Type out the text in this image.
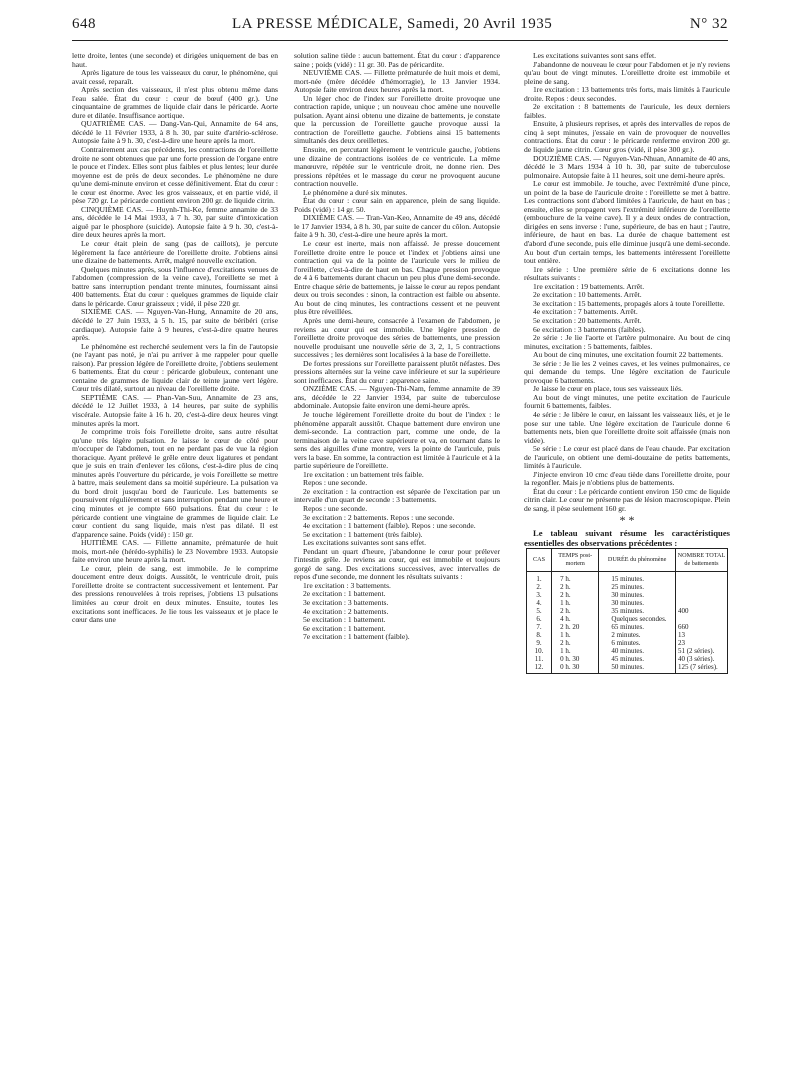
648	LA PRESSE MÉDICALE, Samedi, 20 Avril 1935	N° 32

lette droite, lentes (une seconde) et dirigées uniquement de bas en haut.

Après ligature de tous les vaisseaux du cœur, le phénomène, qui avait cessé, reparaît.

Après section des vaisseaux, il n'est plus obtenu même dans l'eau salée. État du cœur : cœur de bœuf (400 gr.). Une cinquantaine de grammes de liquide clair dans le péricarde. Aorte dure et dilatée. Insuffisance aortique.

QUATRIÈME CAS. — Dang-Van-Qui, Annamite de 64 ans, décédé le 11 Février 1933, à 8 h. 30, par suite d'artério-sclérose. Autopsie faite à 9 h. 30, c'est-à-dire une heure après la mort.

Contrairement aux cas précédents, les contractions de l'oreillette droite ne sont obtenues que par une forte pression de l'organe entre le pouce et l'index. Elles sont plus faibles et plus lentes; leur durée moyenne est de près de deux secondes. Le phénomène ne dure qu'une demi-minute environ et cesse définitivement. État du cœur : le cœur est énorme. Avec les gros vaisseaux, et en partie vidé, il pèse 720 gr. Le péricarde contient environ 200 gr. de liquide citrin.

CINQUIÈME CAS. — Huynh-Thi-Ke, femme annamite de 33 ans, décédée le 14 Mai 1933, à 7 h. 30, par suite d'intoxication aiguë par le phosphore (suicide). Autopsie faite à 9 h. 30, c'est-à-dire deux heures après la mort.

Le cœur était plein de sang (pas de caillots), je percute légèrement la face antérieure de l'oreillette droite. J'obtiens ainsi une dizaine de battements. Arrêt, malgré nouvelle excitation.

Quelques minutes après, sous l'influence d'excitations venues de l'abdomen (compression de la veine cave), l'oreillette se met à battre sans interruption pendant trente minutes, fournissant ainsi 400 battements. État du cœur : quelques grammes de liquide clair dans le péricarde. Cœur graisseux ; vidé, il pèse 220 gr.

SIXIÈME CAS. — Nguyen-Van-Hung, Annamite de 20 ans, décédé le 27 Juin 1933, à 5 h. 15, par suite de béribéri (crise cardiaque). Autopsie faite à 9 heures, c'est-à-dire quatre heures après.

Le phénomène est recherché seulement vers la fin de l'autopsie (ne l'ayant pas noté, je n'ai pu arriver à me rappeler pour quelle raison). Par pression légère de l'oreillette droite, j'obtiens seulement 6 battements. État du cœur : péricarde globuleux, contenant une centaine de grammes de liquide clair de teinte jaune vert légère. Cœur très dilaté, surtout au niveau de l'oreillette droite.

SEPTIÈME CAS. — Phan-Van-Suu, Annamite de 23 ans, décédé le 12 Juillet 1933, à 14 heures, par suite de syphilis viscérale. Autopsie faite à 16 h. 20, c'est-à-dire deux heures vingt minutes après la mort.

Je comprime trois fois l'oreillette droite, sans autre résultat qu'une très légère pulsation. Je laisse le cœur de côté pour m'occuper de l'abdomen, tout en ne perdant pas de vue la région thoracique. Ayant prélevé le grêle entre deux ligatures et pendant que je suis en train d'enlever les côlons, c'est-à-dire plus de cinq minutes après l'ouverture du péricarde, je vois l'oreillette se mettre à battre, mais seulement dans sa moitié supérieure. La pulsation va du bord droit jusqu'au bord de l'auricule. Les battements se poursuivent régulièrement et sans interruption pendant une heure et cinq minutes et je compte 660 pulsations. État du cœur : le péricarde contient une vingtaine de grammes de liquide clair. Le cœur contient du sang liquide, mais n'est pas dilaté. Il est d'apparence saine. Poids (vidé) : 150 gr.

HUITIÈME CAS. — Fillette annamite, prématurée de huit mois, mort-née (hérédo-syphilis) le 23 Novembre 1933. Autopsie faite environ une heure après la mort.

Le cœur, plein de sang, est immobile. Je le comprime doucement entre deux doigts. Aussitôt, le ventricule droit, puis l'oreillette droite se contractent successivement et lentement. Par des pressions renouvelées à trois reprises, j'obtiens 13 pulsations limitées au cœur droit en deux minutes. Ensuite, toutes les excitations sont inefficaces. Je lie tous les vaisseaux et je place le cœur dans une

solution saline tiède : aucun battement. État du cœur : d'apparence saine ; poids (vidé) : 11 gr. 30. Pas de péricardite.

NEUVIÈME CAS. — Fillette prématurée de huit mois et demi, mort-née (mère décédée d'hémorragie), le 13 Janvier 1934. Autopsie faite environ deux heures après la mort.

Un léger choc de l'index sur l'oreillette droite provoque une contraction rapide, unique ; un nouveau choc amène une nouvelle pulsation. Ayant ainsi obtenu une dizaine de battements, je constate que la percussion de l'oreillette gauche provoque aussi la contraction de l'oreillette gauche. J'obtiens ainsi 15 battements simultanés des deux oreillettes.

Ensuite, en percutant légèrement le ventricule gauche, j'obtiens une dizaine de contractions isolées de ce ventricule. La même manœuvre, répétée sur le ventricule droit, ne donne rien. Des pressions répétées et le massage du cœur ne provoquent aucune contraction nouvelle.

Le phénomène a duré six minutes.

État du cœur : cœur sain en apparence, plein de sang liquide. Poids (vidé) : 14 gr. 50.

DIXIÈME CAS. — Tran-Van-Keo, Annamite de 49 ans, décédé le 17 Janvier 1934, à 8 h. 30, par suite de cancer du côlon. Autopsie faite à 9 h. 30, c'est-à-dire une heure après la mort.

Le cœur est inerte, mais non affaissé. Je presse doucement l'oreillette droite entre le pouce et l'index et j'obtiens ainsi une contraction qui va de la pointe de l'auricule vers le milieu de l'oreillette, c'est-à-dire de haut en bas. Chaque pression provoque de 4 à 6 battements durant chacun un peu plus d'une demi-seconde. Entre chaque série de battements, je laisse le cœur au repos pendant deux ou trois secondes : sinon, la contraction est faible ou absente. Au bout de cinq minutes, les contractions cessent et ne peuvent plus être réveillées.

Après une demi-heure, consacrée à l'examen de l'abdomen, je reviens au cœur qui est immobile. Une légère pression de l'oreillette droite provoque des séries de battements, une pression nouvelle produisant une nouvelle série de 3, 2, 1, 5 contractions successives ; les dernières sont localisées à la base de l'oreillette.

De fortes pressions sur l'oreillette paraissent plutôt néfastes. Des pressions alternées sur la veine cave inférieure et sur la supérieure sont inefficaces. État du cœur : apparence saine.

ONZIÈME CAS. — Nguyen-Thi-Nam, femme annamite de 39 ans, décédée le 22 Janvier 1934, par suite de tuberculose abdominale. Autopsie faite environ une demi-heure après.

Je touche légèrement l'oreillette droite du bout de l'index : le phénomène apparaît aussitôt. Chaque battement dure environ une demi-seconde. La contraction part, comme une onde, de la terminaison de la veine cave supérieure et va, en tournant dans le sens des aiguilles d'une montre, vers la pointe de l'auricule, puis vers la base. En somme, la contraction est limitée à l'auricule et à la partie supérieure de l'oreillette.

1re excitation : un battement très faible.

Repos : une seconde.

2e excitation : la contraction est séparée de l'excitation par un intervalle d'un quart de seconde : 3 battements.

Repos : une seconde.

3e excitation : 2 battements. Repos : une seconde.

4e excitation : 1 battement (faible). Repos : une seconde.

5e excitation : 1 battement (très faible).

Les excitations suivantes sont sans effet.

Pendant un quart d'heure, j'abandonne le cœur pour prélever l'intestin grêle. Je reviens au cœur, qui est immobile et toujours gorgé de sang. Des excitations successives, avec intervalles de repos d'une seconde, me donnent les résultats suivants :

1re excitation : 3 battements.

2e excitation : 1 battement.

3e excitation : 3 battements.

4e excitation : 2 battements.

5e excitation : 1 battement.

6e excitation : 1 battement.

7e excitation : 1 battement (faible).

Les excitations suivantes sont sans effet.

J'abandonne de nouveau le cœur pour l'abdomen et je n'y reviens qu'au bout de vingt minutes. L'oreillette droite est immobile et pleine de sang.

1re excitation : 13 battements très forts, mais limités à l'auricule droite. Repos : deux secondes.

2e excitation : 8 battements de l'auricule, les deux derniers faibles.

Ensuite, à plusieurs reprises, et après des intervalles de repos de cinq à sept minutes, j'essaie en vain de provoquer de nouvelles contractions. État du cœur : le péricarde renferme environ 200 gr. de liquide jaune citrin. Cœur gros (vidé, il pèse 300 gr.).

DOUZIÈME CAS. — Nguyen-Van-Nhuan, Annamite de 40 ans, décédé le 3 Mars 1934 à 10 h. 30, par suite de tuberculose pulmonaire. Autopsie faite à 11 heures, soit une demi-heure après.

Le cœur est immobile. Je touche, avec l'extrémité d'une pince, un point de la base de l'auricule droite : l'oreillette se met à battre. Les contractions sont d'abord limitées à l'auricule, de haut en bas ; ensuite, elles se propagent vers l'extrémité inférieure de l'oreillette (embouchure de la veine cave). Il y a deux ondes de contraction, dirigées en sens inverse : l'une, supérieure, de bas en haut ; l'autre, inférieure, de haut en bas. La durée de chaque battement est d'abord d'une seconde, puis elle diminue jusqu'à une demi-seconde. Au bout d'un certain temps, les battements intéressent l'oreillette tout entière.

1re série : Une première série de 6 excitations donne les résultats suivants :

1re excitation : 19 battements. Arrêt.

2e excitation : 10 battements. Arrêt.

3e excitation : 15 battements, propagés alors à toute l'oreillette.

4e excitation : 7 battements. Arrêt.

5e excitation : 20 battements. Arrêt.

6e excitation : 3 battements (faibles).

2e série : Je lie l'aorte et l'artère pulmonaire. Au bout de cinq minutes, excitation : 5 battements, faibles.

Au bout de cinq minutes, une excitation fournit 22 battements.

3e série : Je lie les 2 veines caves, et les veines pulmonaires, ce qui demande du temps. Une légère excitation de l'auricule provoque 6 battements.

Je laisse le cœur en place, tous ses vaisseaux liés.

Au bout de vingt minutes, une petite excitation de l'auricule fournit 6 battements, faibles.

4e série : Je libère le cœur, en laissant les vaisseaux liés, et je le pose sur une table. Une légère excitation de l'auricule donne 6 battements nets, bien que l'oreillette droite soit affaissée (mais non vidée).

5e série : Le cœur est placé dans de l'eau chaude. Par excitation de l'auricule, on obtient une demi-douzaine de petits battements, limités à l'auricule.

J'injecte environ 10 cmc d'eau tiède dans l'oreillette droite, pour la regonfler. Mais je n'obtiens plus de battements.

État du cœur : Le péricarde contient environ 150 cmc de liquide citrin clair. Le cœur ne présente pas de lésion macroscopique. Plein de sang, il pèse seulement 160 gr.

* *

Le tableau suivant résume les caractéristiques essentielles des observations précédentes :

CAS	TEMPS post-mortem	DURÉE du phénomène	NOMBRE TOTAL de battements
1.	7 h.	15 minutes.	
2.	2 h.	25 minutes.	
3.	2 h.	30 minutes.	
4.	1 h.	30 minutes.	
5.	2 h.	35 minutes.	400
6.	4 h.	Quelques secondes.	
7.	2 h. 20	65 minutes.	660
8.	1 h.	2 minutes.	13
9.	2 h.	6 minutes.	23
10.	1 h.	40 minutes.	51 (2 séries).
11.	0 h. 30	45 minutes.	40 (3 séries).
12.	0 h. 30	50 minutes.	125 (7 séries).
